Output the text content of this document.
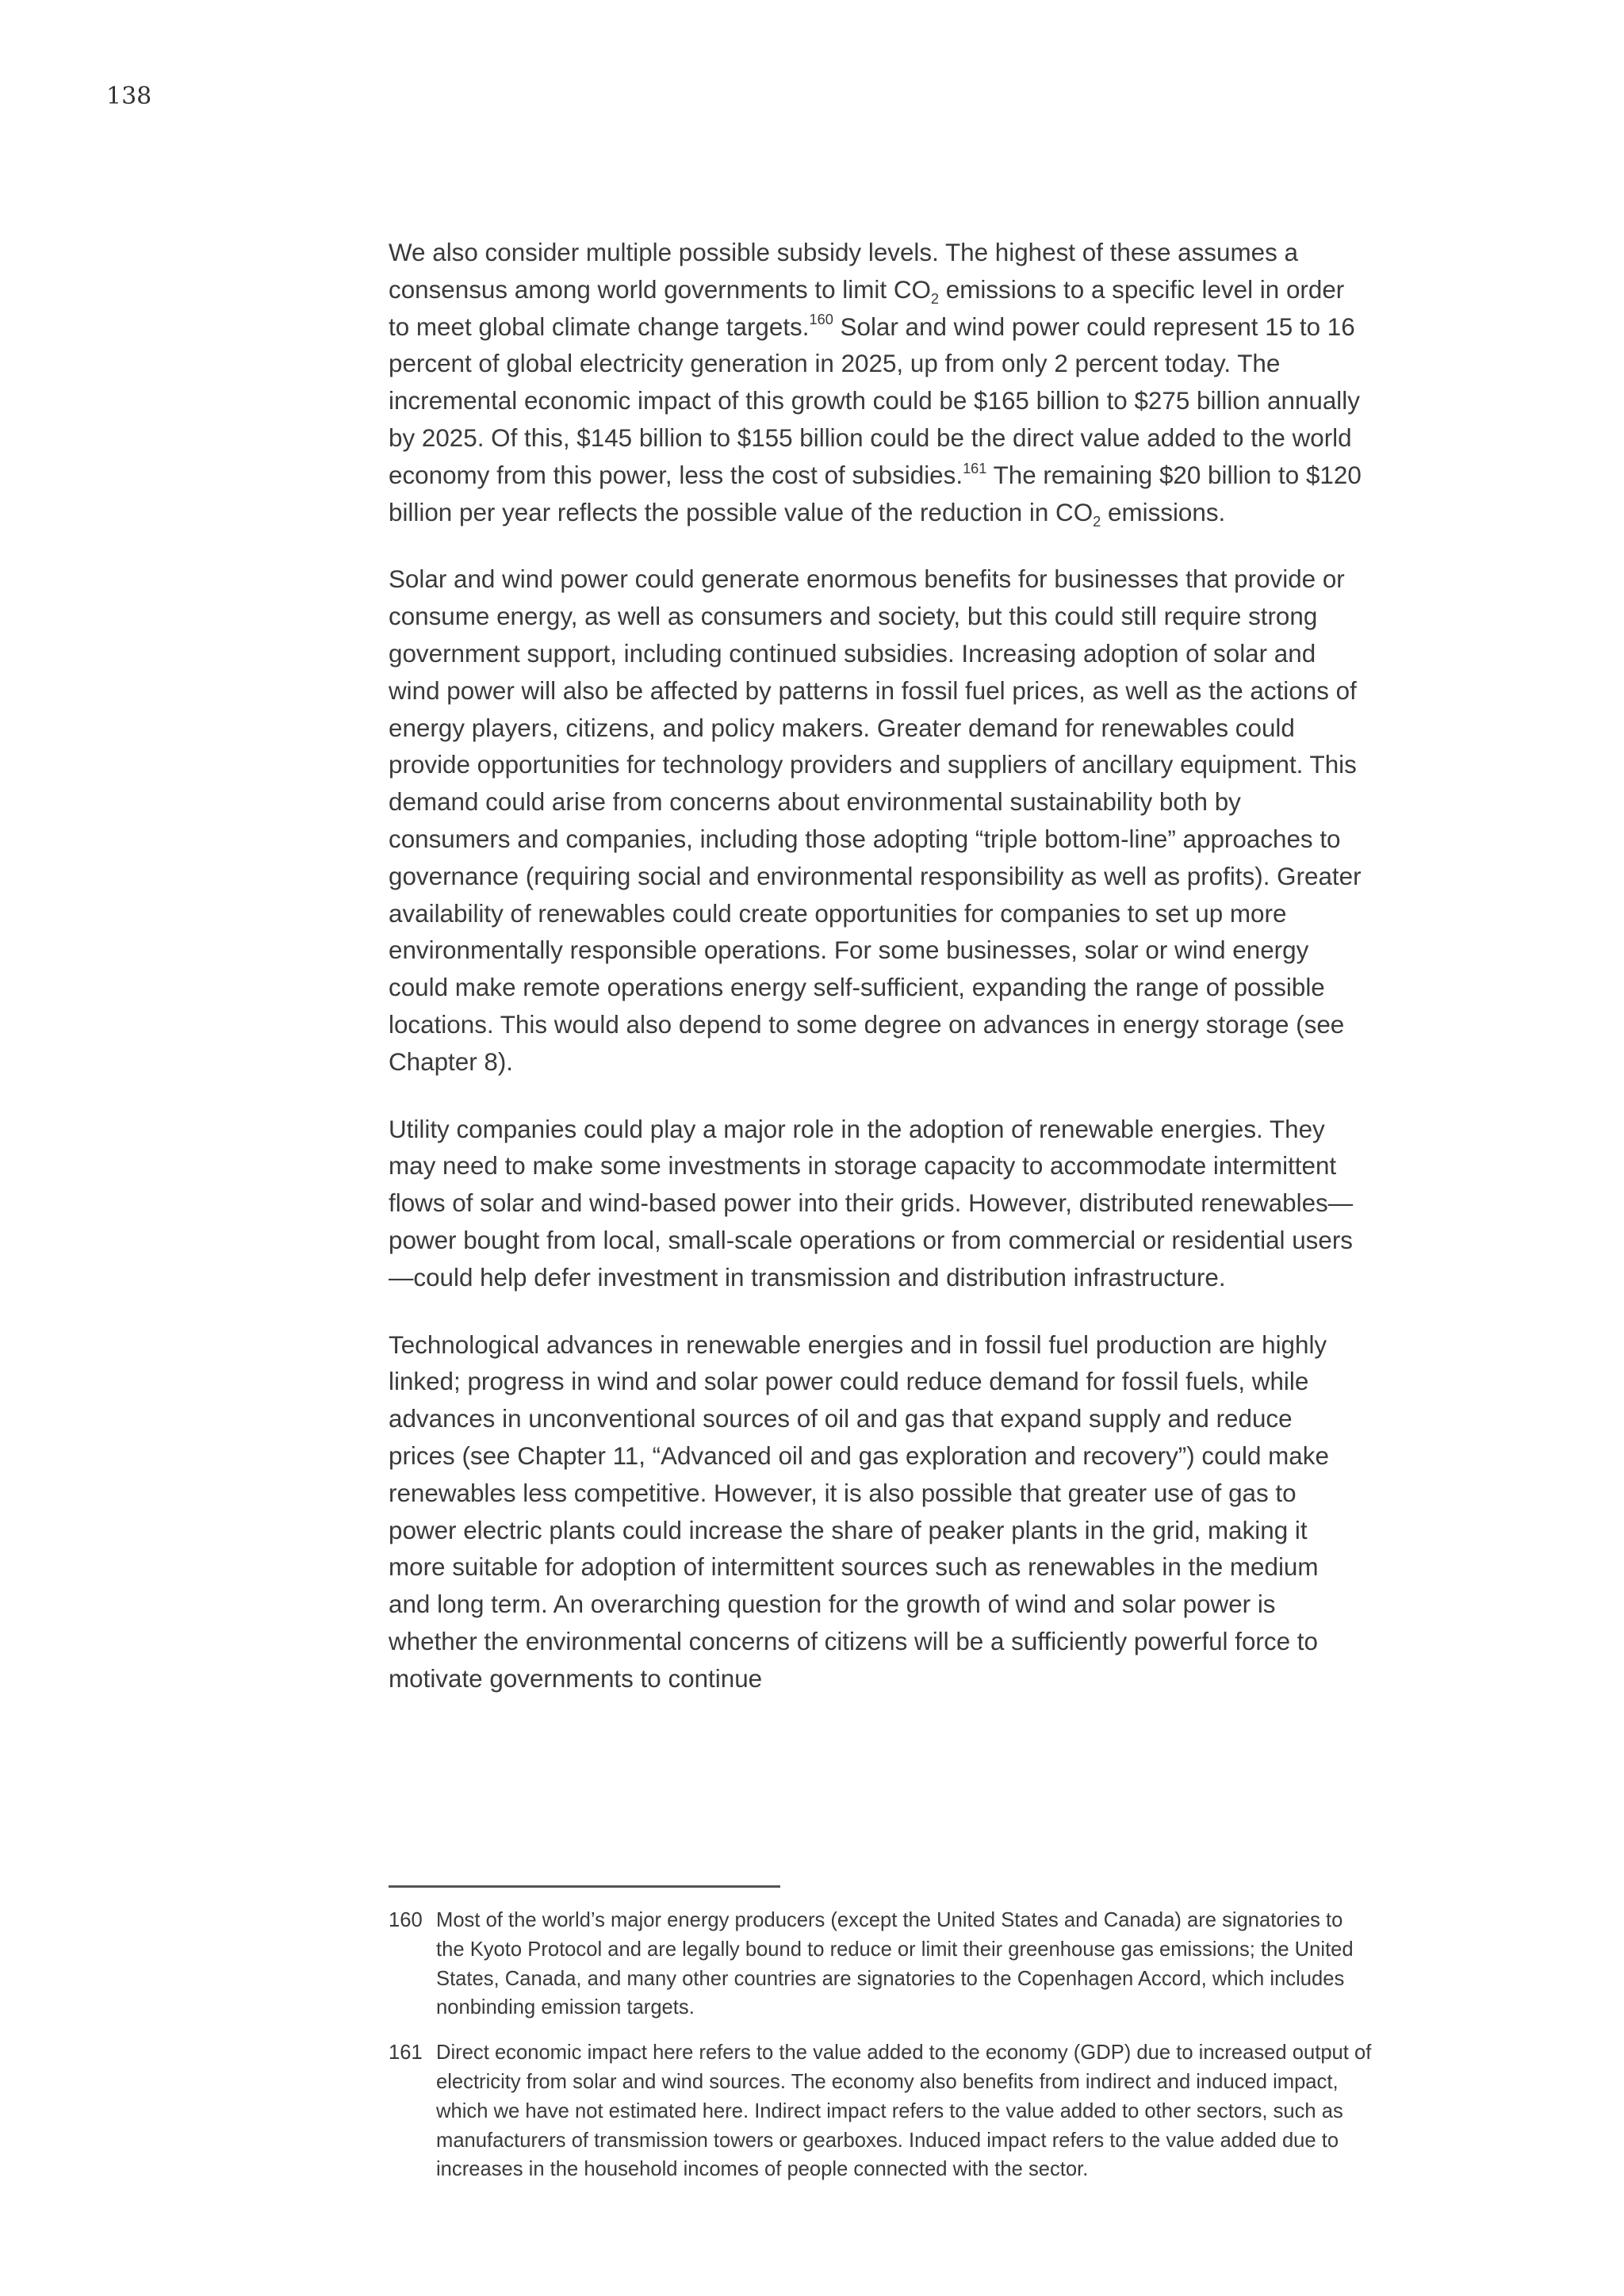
138

We also consider multiple possible subsidy levels. The highest of these assumes a consensus among world governments to limit $CO_2$ emissions to a specific level in order to meet global climate change targets.$^{160}$ Solar and wind power could represent 15 to 16 percent of global electricity generation in 2025, up from only 2 percent today. The incremental economic impact of this growth could be $165 billion to $275 billion annually by 2025. Of this, $145 billion to $155 billion could be the direct value added to the world economy from this power, less the cost of subsidies.$^{161}$ The remaining $20 billion to $120 billion per year reflects the possible value of the reduction in $CO_2$ emissions.

Solar and wind power could generate enormous benefits for businesses that provide or consume energy, as well as consumers and society, but this could still require strong government support, including continued subsidies. Increasing adoption of solar and wind power will also be affected by patterns in fossil fuel prices, as well as the actions of energy players, citizens, and policy makers. Greater demand for renewables could provide opportunities for technology providers and suppliers of ancillary equipment. This demand could arise from concerns about environmental sustainability both by consumers and companies, including those adopting “triple bottom-line” approaches to governance (requiring social and environmental responsibility as well as profits). Greater availability of renewables could create opportunities for companies to set up more environmentally responsible operations. For some businesses, solar or wind energy could make remote operations energy self-sufficient, expanding the range of possible locations. This would also depend to some degree on advances in energy storage (see Chapter 8).

Utility companies could play a major role in the adoption of renewable energies. They may need to make some investments in storage capacity to accommodate intermittent flows of solar and wind-based power into their grids. However, distributed renewables—power bought from local, small-scale operations or from commercial or residential users—could help defer investment in transmission and distribution infrastructure.

Technological advances in renewable energies and in fossil fuel production are highly linked; progress in wind and solar power could reduce demand for fossil fuels, while advances in unconventional sources of oil and gas that expand supply and reduce prices (see Chapter 11, “Advanced oil and gas exploration and recovery”) could make renewables less competitive. However, it is also possible that greater use of gas to power electric plants could increase the share of peaker plants in the grid, making it more suitable for adoption of intermittent sources such as renewables in the medium and long term. An overarching question for the growth of wind and solar power is whether the environmental concerns of citizens will be a sufficiently powerful force to motivate governments to continue

160 Most of the world’s major energy producers (except the United States and Canada) are signatories to the Kyoto Protocol and are legally bound to reduce or limit their greenhouse gas emissions; the United States, Canada, and many other countries are signatories to the Copenhagen Accord, which includes nonbinding emission targets.
161 Direct economic impact here refers to the value added to the economy (GDP) due to increased output of electricity from solar and wind sources. The economy also benefits from indirect and induced impact, which we have not estimated here. Indirect impact refers to the value added to other sectors, such as manufacturers of transmission towers or gearboxes. Induced impact refers to the value added due to increases in the household incomes of people connected with the sector.
